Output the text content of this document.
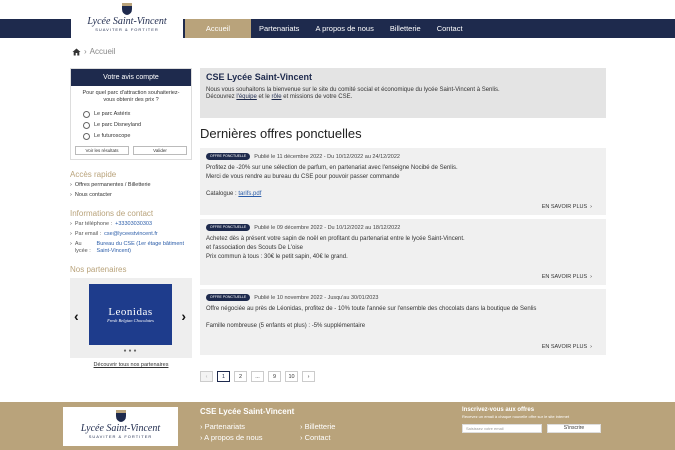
Lycée Saint-Vincent
SUAVITER & FORTITER	Accueil	Partenariats	A propos de nous	Billetterie	Contact
› Accueil
Votre avis compte
Pour quel parc d'attraction souhaiteriez-vous obtenir des prix ?
Le parc Astérix
Le parc Disneyland
Le futuroscope
Voir les résultats	Valider
Accès rapide
› Offres permanentes / Billetterie
› Nous contacter
Informations de contact
› Par téléphone : +33303030303
› Par email : cse@lyceestvincent.fr
› Au lycée :
Bureau du CSE (1er étage bâtiment Saint-Vincent)
Nos partenaires
‹	Leonidas
Fresh Belgian Chocolates	›
●●●
Découvrir tous nos partenaires
CSE Lycée Saint-Vincent
Nous vous souhaitons la bienvenue sur le site du comité social et économique du lycée Saint-Vincent à Senlis.
Découvrez l'équipe et le rôle et missions de votre CSE.
Dernières offres ponctuelles
OFFRE PONCTUELLE	Publié le 11 décembre 2022 - Du 10/12/2022 au 24/12/2022

Profitez de -20% sur une sélection de parfum, en partenariat avec l'enseigne Nocibé de Senlis.

Merci de vous rendre au bureau du CSE pour pouvoir passer commande

Catalogue : tarifs.pdf

EN SAVOIR PLUS ›
OFFRE PONCTUELLE	Publié le 09 décembre 2022 - Du 10/12/2022 au 18/12/2022

Achetez dès à présent votre sapin de noël en profitant du partenariat entre le lycée Saint-Vincent.

et l'association des Scouts De L'oise

Prix commun à tous : 30€ le petit sapin, 40€ le grand.

EN SAVOIR PLUS ›
OFFRE PONCTUELLE	Publié le 10 novembre 2022 - Jusqu'au 30/01/2023

Offre négociée au près de Léonidas, profitez de - 10% toute l'année sur l'ensemble des chocolats dans la boutique de Senlis

Famille nombreuse (5 enfants et plus) : -5% supplémentaire

EN SAVOIR PLUS ›
‹	1	2	...	9	10	›
Lycée Saint-Vincent
SUAVITER & FORTITER
CSE Lycée Saint-Vincent
› Partenariats	› Billetterie
› A propos de nous	› Contact
Inscrivez-vous aux offres
Recevez un email à chaque nouvelle offre sur le site internet
Saisissez votre email	S'inscrire
